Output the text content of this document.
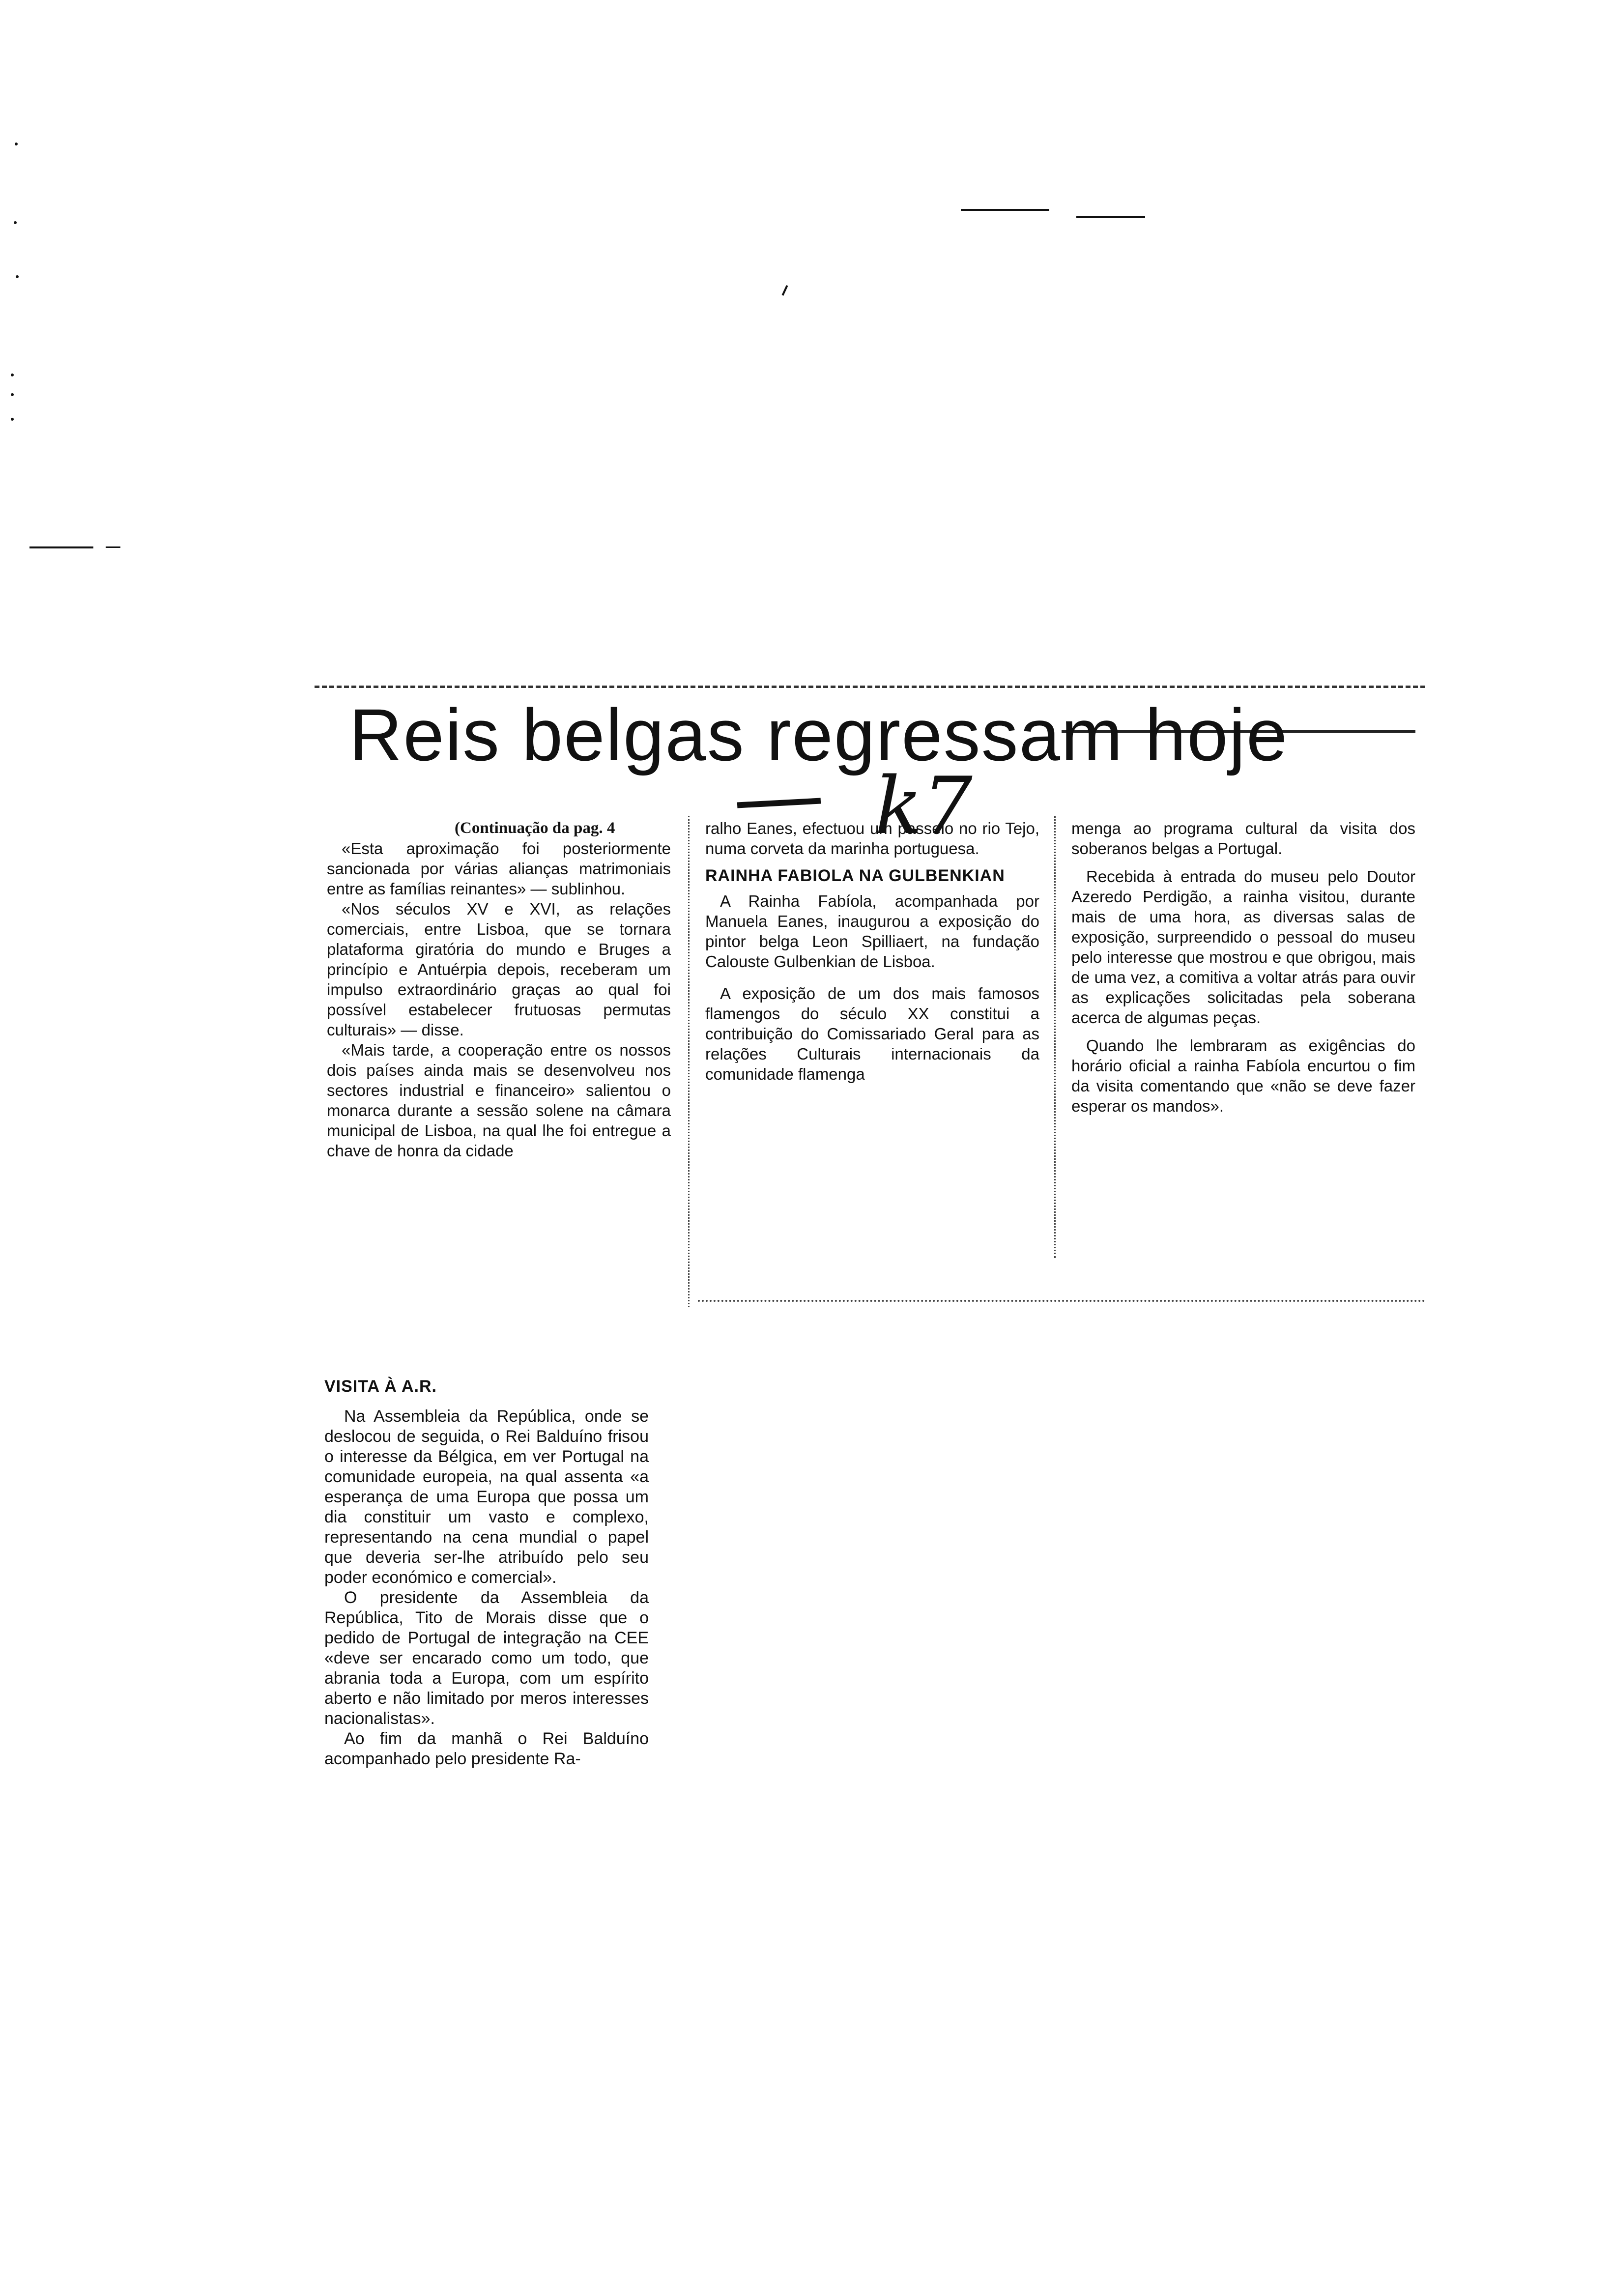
Reis belgas regressam hoje
k7

(Continuação da pag. 4

«Esta aproximação foi posteriormente sancionada por várias alianças matrimoniais entre as famílias reinantes» — sublinhou.

«Nos séculos XV e XVI, as relações comerciais, entre Lisboa, que se tornara plataforma giratória do mundo e Bruges a princípio e Antuérpia depois, receberam um impulso extraordinário graças ao qual foi possível estabelecer frutuosas permutas culturais» — disse.

«Mais tarde, a cooperação entre os nossos dois países ainda mais se desenvolveu nos sectores industrial e financeiro» salientou o monarca durante a sessão solene na câmara municipal de Lisboa, na qual lhe foi entregue a chave de honra da cidade

ralho Eanes, efectuou um passeio no rio Tejo, numa corveta da marinha portuguesa.

RAINHA FABIOLA NA GULBENKIAN

A Rainha Fabíola, acompanhada por Manuela Eanes, inaugurou a exposição do pintor belga Leon Spilliaert, na fundação Calouste Gulbenkian de Lisboa.

A exposição de um dos mais famosos flamengos do século XX constitui a contribuição do Comissariado Geral para as relações Culturais internacionais da comunidade flamenga

menga ao programa cultural da visita dos soberanos belgas a Portugal.

Recebida à entrada do museu pelo Doutor Azeredo Perdigão, a rainha visitou, durante mais de uma hora, as diversas salas de exposição, surpreendido o pessoal do museu pelo interesse que mostrou e que obrigou, mais de uma vez, a comitiva a voltar atrás para ouvir as explicações solicitadas pela soberana acerca de algumas peças.

Quando lhe lembraram as exigências do horário oficial a rainha Fabíola encurtou o fim da visita comentando que «não se deve fazer esperar os mandos».

VISITA À A.R.

Na Assembleia da República, onde se deslocou de seguida, o Rei Balduíno frisou o interesse da Bélgica, em ver Portugal na comunidade europeia, na qual assenta «a esperança de uma Europa que possa um dia constituir um vasto e complexo, representando na cena mundial o papel que deveria ser-lhe atribuído pelo seu poder económico e comercial».

O presidente da Assembleia da República, Tito de Morais disse que o pedido de Portugal de integração na CEE «deve ser encarado como um todo, que abrania toda a Europa, com um espírito aberto e não limitado por meros interesses nacionalistas».

Ao fim da manhã o Rei Balduíno acompanhado pelo presidente Ra-
